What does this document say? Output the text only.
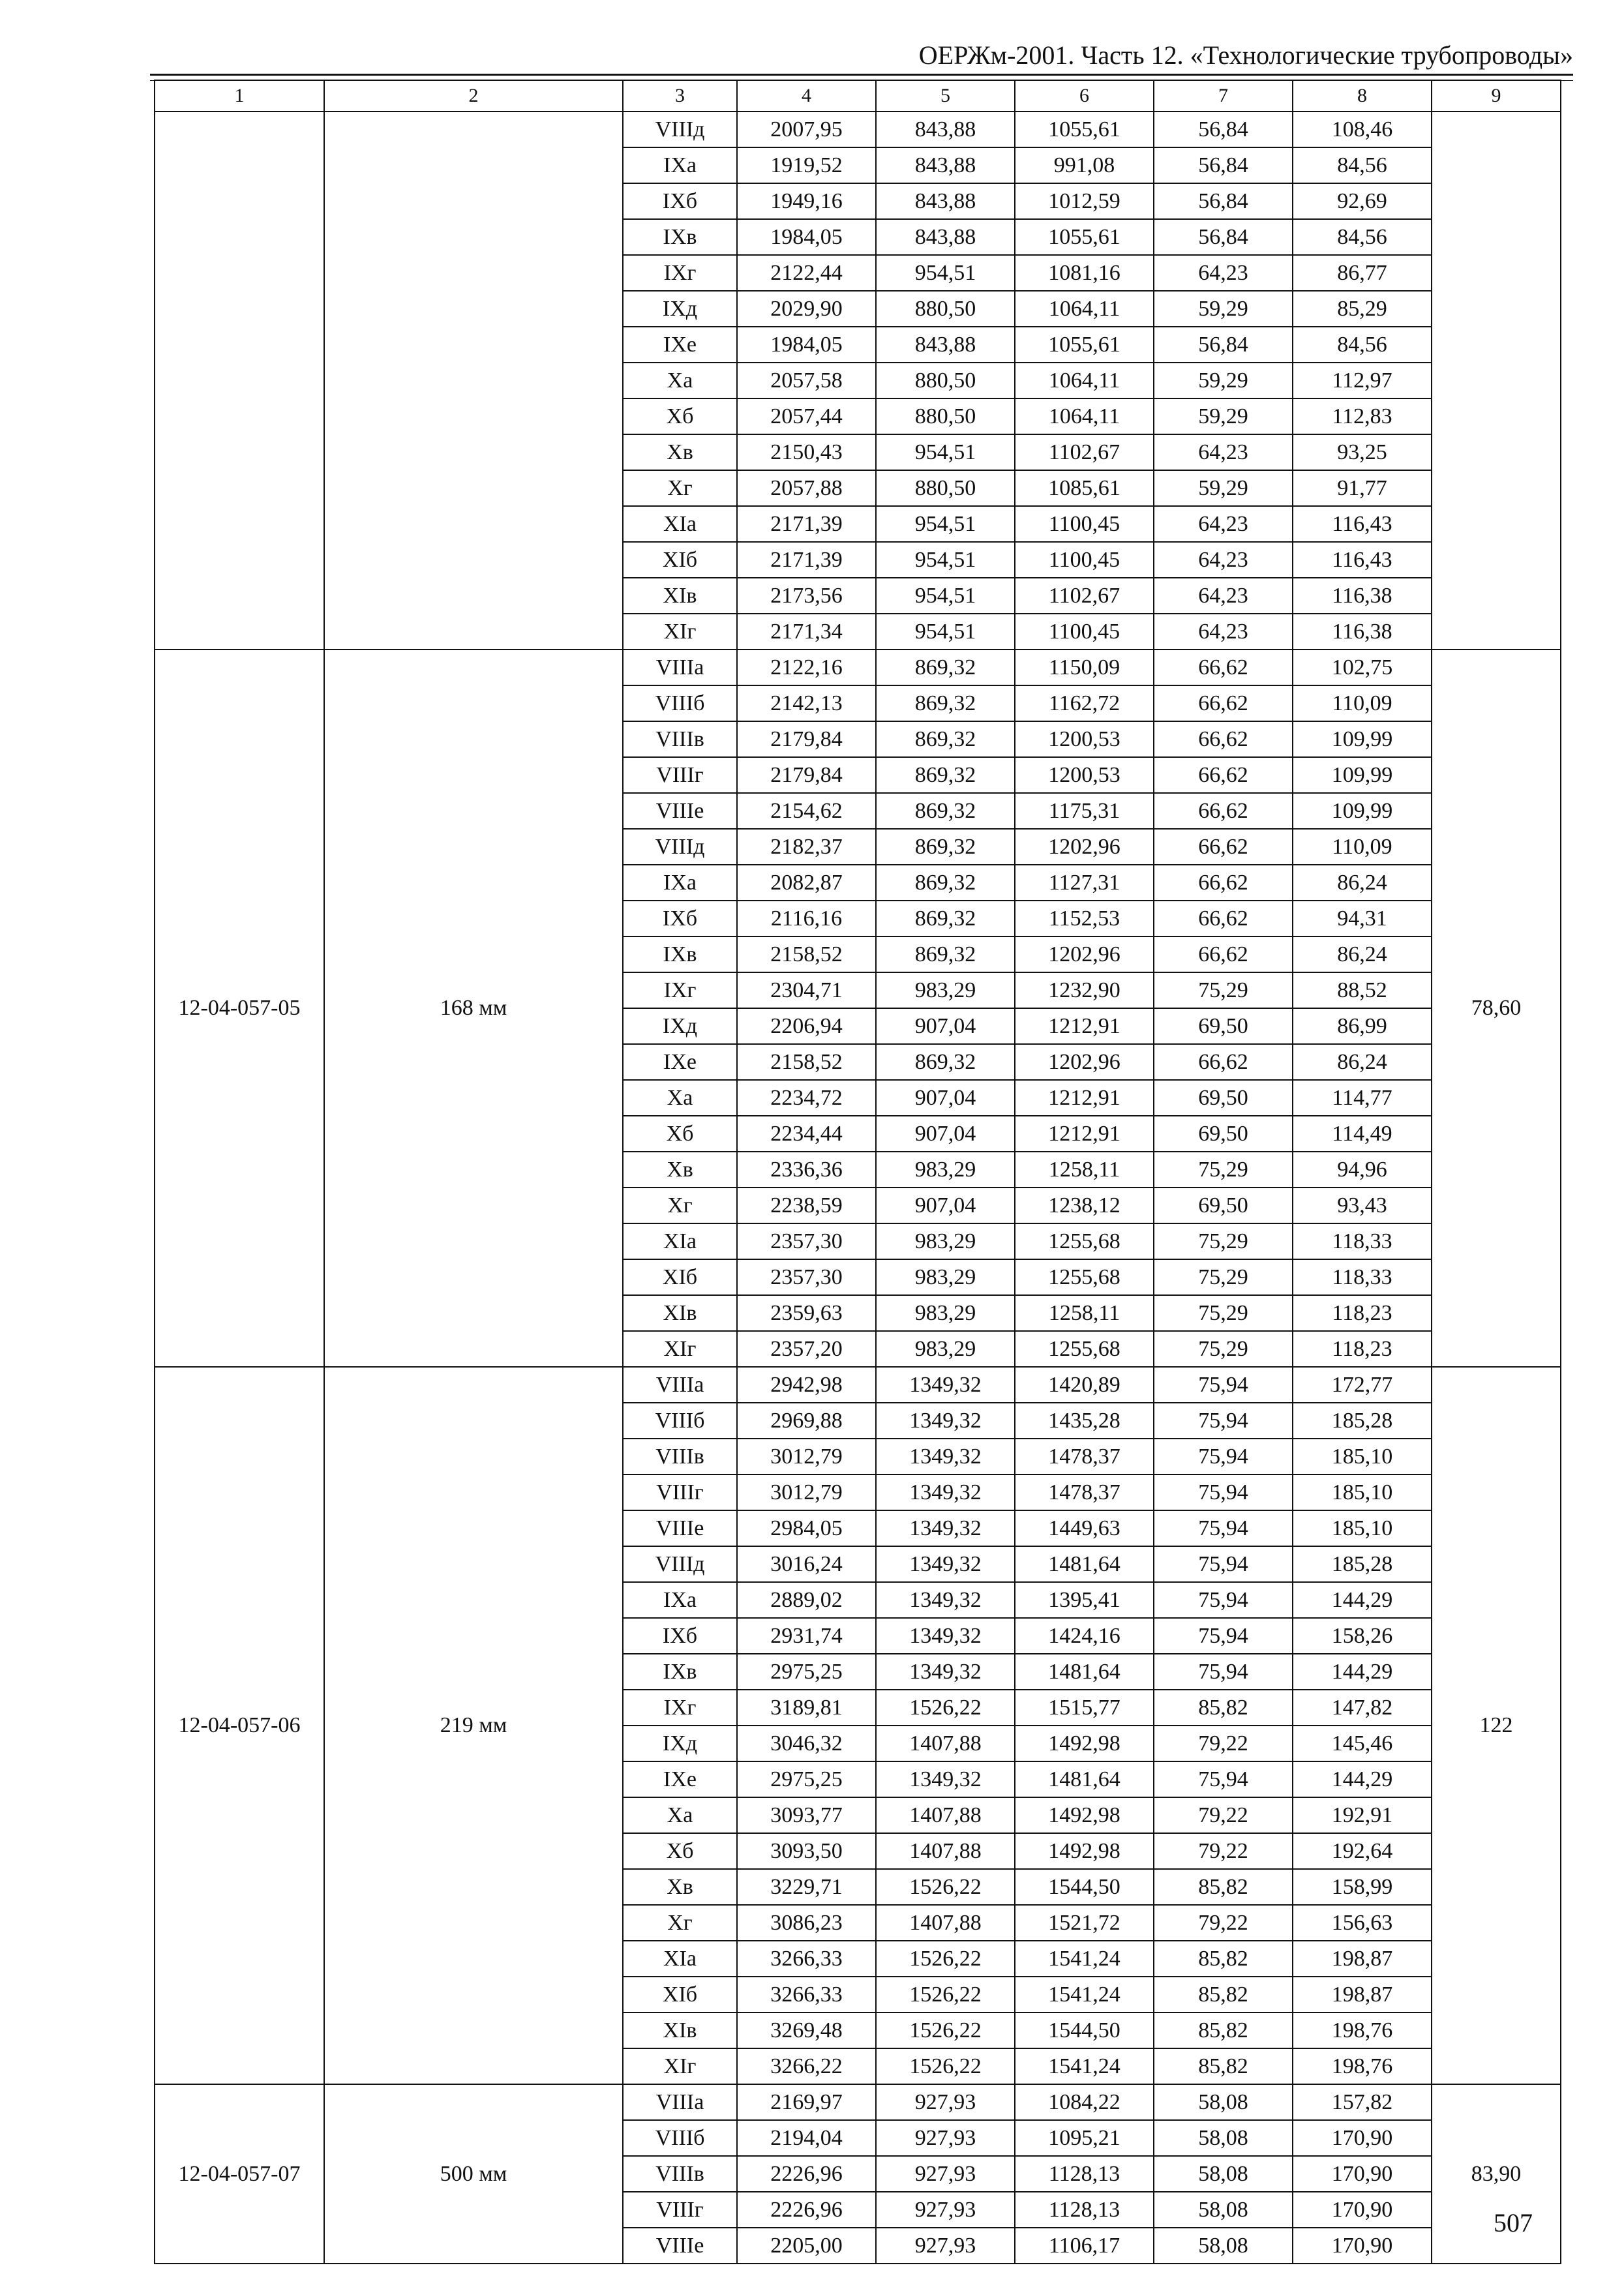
ОЕРЖм-2001. Часть 12. «Технологические трубопроводы»
1	2	3	4	5	6	7	8	9
		VIIIд	2007,95	843,88	1055,61	56,84	108,46	
		IXа	1919,52	843,88	991,08	56,84	84,56	
		IXб	1949,16	843,88	1012,59	56,84	92,69	
		IXв	1984,05	843,88	1055,61	56,84	84,56	
		IXг	2122,44	954,51	1081,16	64,23	86,77	
		IXд	2029,90	880,50	1064,11	59,29	85,29	
		IXе	1984,05	843,88	1055,61	56,84	84,56	
		Xа	2057,58	880,50	1064,11	59,29	112,97	
		Xб	2057,44	880,50	1064,11	59,29	112,83	
		Xв	2150,43	954,51	1102,67	64,23	93,25	
		Xг	2057,88	880,50	1085,61	59,29	91,77	
		XIа	2171,39	954,51	1100,45	64,23	116,43	
		XIб	2171,39	954,51	1100,45	64,23	116,43	
		XIв	2173,56	954,51	1102,67	64,23	116,38	
		XIг	2171,34	954,51	1100,45	64,23	116,38	
12-04-057-05	168 мм	VIIIа	2122,16	869,32	1150,09	66,62	102,75	78,60
		VIIIб	2142,13	869,32	1162,72	66,62	110,09	
		VIIIв	2179,84	869,32	1200,53	66,62	109,99	
		VIIIг	2179,84	869,32	1200,53	66,62	109,99	
		VIIIе	2154,62	869,32	1175,31	66,62	109,99	
		VIIIд	2182,37	869,32	1202,96	66,62	110,09	
		IXа	2082,87	869,32	1127,31	66,62	86,24	
		IXб	2116,16	869,32	1152,53	66,62	94,31	
		IXв	2158,52	869,32	1202,96	66,62	86,24	
		IXг	2304,71	983,29	1232,90	75,29	88,52	
		IXд	2206,94	907,04	1212,91	69,50	86,99	
		IXе	2158,52	869,32	1202,96	66,62	86,24	
		Xа	2234,72	907,04	1212,91	69,50	114,77	
		Xб	2234,44	907,04	1212,91	69,50	114,49	
		Xв	2336,36	983,29	1258,11	75,29	94,96	
		Xг	2238,59	907,04	1238,12	69,50	93,43	
		XIа	2357,30	983,29	1255,68	75,29	118,33	
		XIб	2357,30	983,29	1255,68	75,29	118,33	
		XIв	2359,63	983,29	1258,11	75,29	118,23	
		XIг	2357,20	983,29	1255,68	75,29	118,23	
12-04-057-06	219 мм	VIIIа	2942,98	1349,32	1420,89	75,94	172,77	122
		VIIIб	2969,88	1349,32	1435,28	75,94	185,28	
		VIIIв	3012,79	1349,32	1478,37	75,94	185,10	
		VIIIг	3012,79	1349,32	1478,37	75,94	185,10	
		VIIIе	2984,05	1349,32	1449,63	75,94	185,10	
		VIIIд	3016,24	1349,32	1481,64	75,94	185,28	
		IXа	2889,02	1349,32	1395,41	75,94	144,29	
		IXб	2931,74	1349,32	1424,16	75,94	158,26	
		IXв	2975,25	1349,32	1481,64	75,94	144,29	
		IXг	3189,81	1526,22	1515,77	85,82	147,82	
		IXд	3046,32	1407,88	1492,98	79,22	145,46	
		IXе	2975,25	1349,32	1481,64	75,94	144,29	
		Xа	3093,77	1407,88	1492,98	79,22	192,91	
		Xб	3093,50	1407,88	1492,98	79,22	192,64	
		Xв	3229,71	1526,22	1544,50	85,82	158,99	
		Xг	3086,23	1407,88	1521,72	79,22	156,63	
		XIа	3266,33	1526,22	1541,24	85,82	198,87	
		XIб	3266,33	1526,22	1541,24	85,82	198,87	
		XIв	3269,48	1526,22	1544,50	85,82	198,76	
		XIг	3266,22	1526,22	1541,24	85,82	198,76	
12-04-057-07	500 мм	VIIIа	2169,97	927,93	1084,22	58,08	157,82	83,90
		VIIIб	2194,04	927,93	1095,21	58,08	170,90	
		VIIIв	2226,96	927,93	1128,13	58,08	170,90	
		VIIIг	2226,96	927,93	1128,13	58,08	170,90	
		VIIIе	2205,00	927,93	1106,17	58,08	170,90	
507
